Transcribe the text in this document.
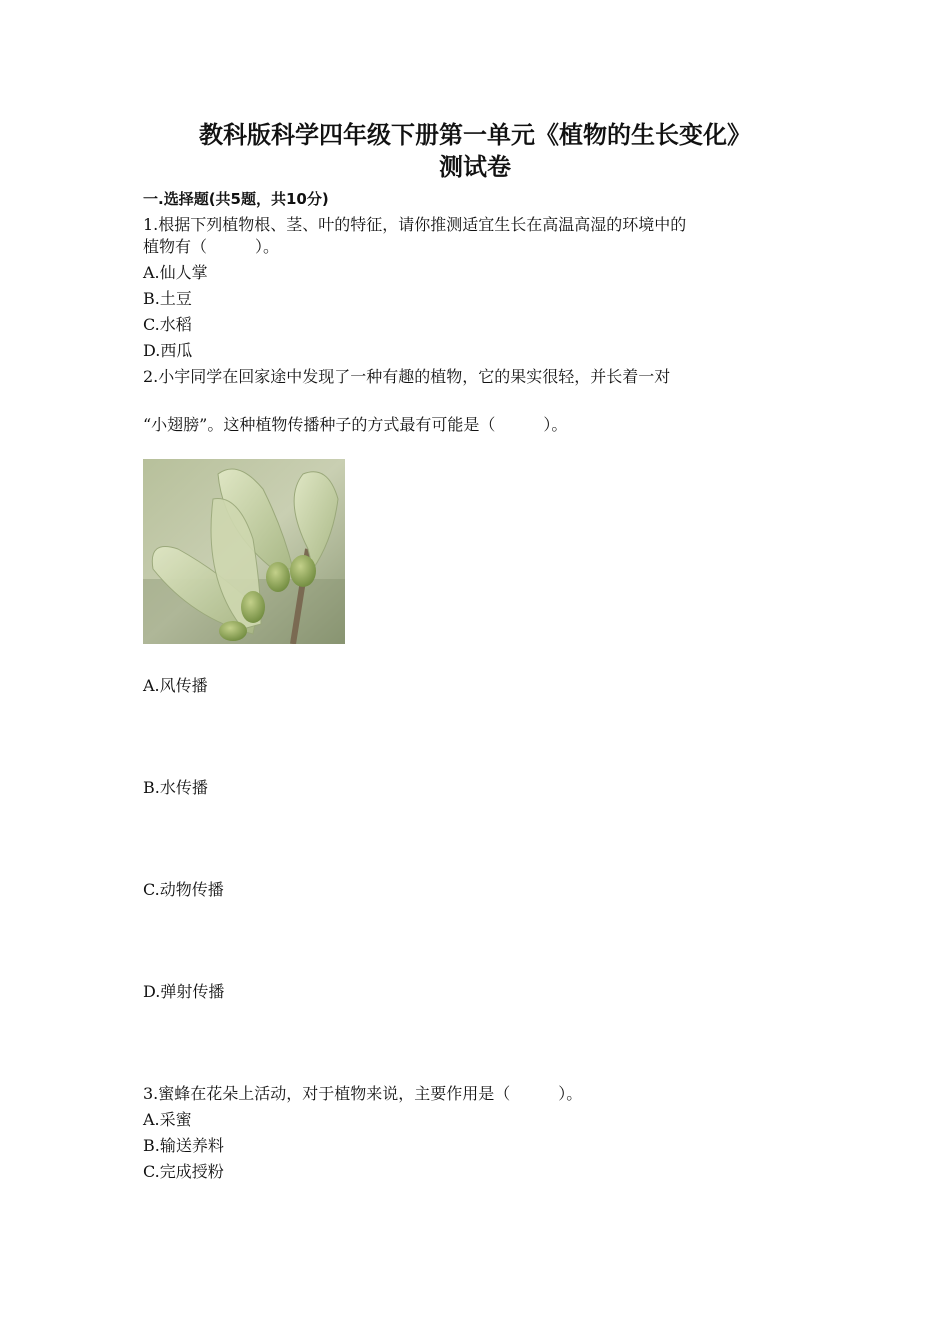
教科版科学四年级下册第一单元《植物的生长变化》
测试卷
一.选择题(共5题，共10分)
1.根据下列植物根、茎、叶的特征，请你推测适宜生长在高温高湿的环境中的
植物有（　　　）。
A.仙人掌
B.土豆
C.水稻
D.西瓜
2.小宇同学在回家途中发现了一种有趣的植物，它的果实很轻，并长着一对
“小翅膀”。这种植物传播种子的方式最有可能是（　　　）。
A.风传播
B.水传播
C.动物传播
D.弹射传播
3.蜜蜂在花朵上活动，对于植物来说，主要作用是（　　　）。
A.采蜜
B.输送养料
C.完成授粉
